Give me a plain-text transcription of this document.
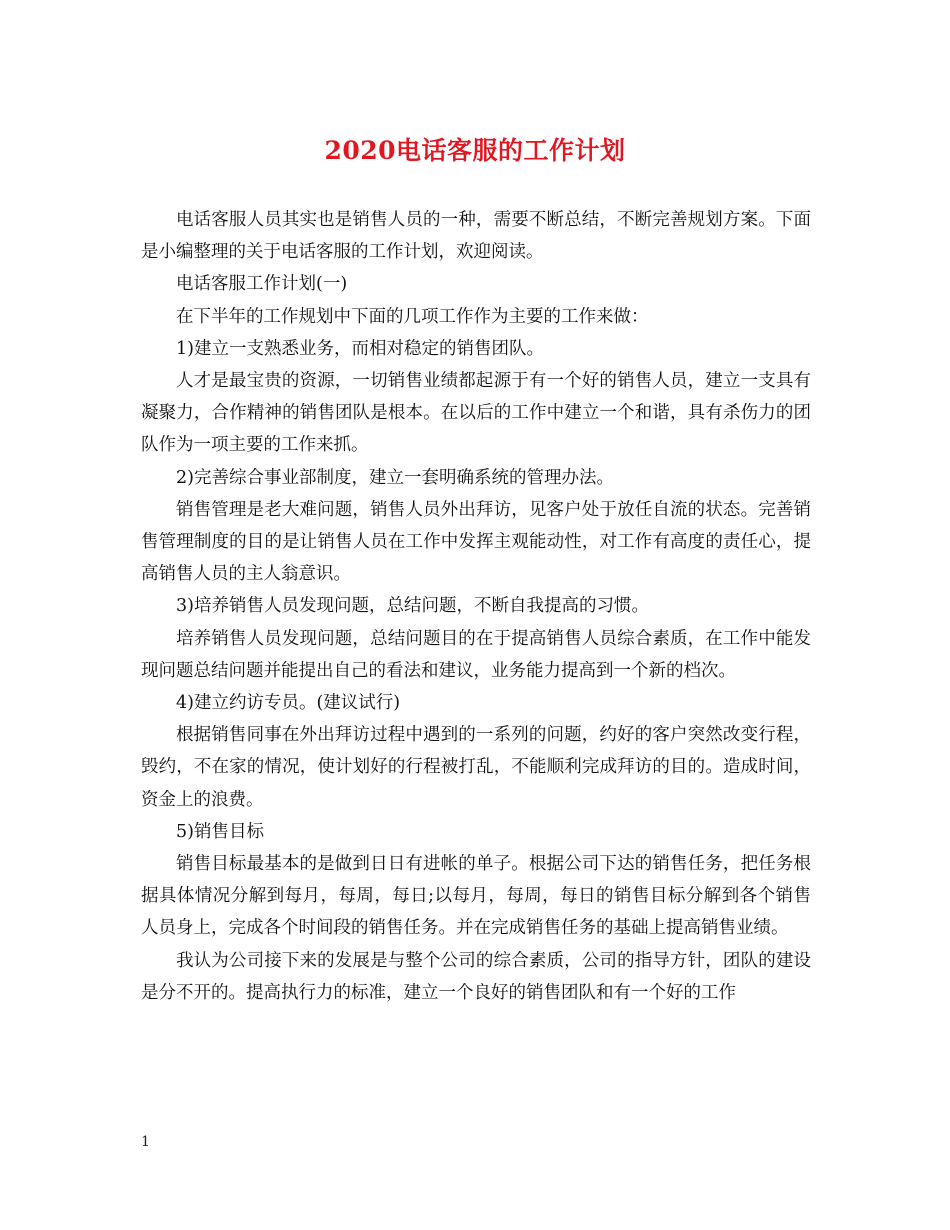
2020电话客服的工作计划

电话客服人员其实也是销售人员的一种，需要不断总结，不断完善规划方案。下面是小编整理的关于电话客服的工作计划，欢迎阅读。

电话客服工作计划(一)

在下半年的工作规划中下面的几项工作作为主要的工作来做：

1)建立一支熟悉业务，而相对稳定的销售团队。

人才是最宝贵的资源，一切销售业绩都起源于有一个好的销售人员，建立一支具有凝聚力，合作精神的销售团队是根本。在以后的工作中建立一个和谐，具有杀伤力的团队作为一项主要的工作来抓。

2)完善综合事业部制度，建立一套明确系统的管理办法。

销售管理是老大难问题，销售人员外出拜访，见客户处于放任自流的状态。完善销售管理制度的目的是让销售人员在工作中发挥主观能动性，对工作有高度的责任心，提高销售人员的主人翁意识。

3)培养销售人员发现问题，总结问题，不断自我提高的习惯。

培养销售人员发现问题，总结问题目的在于提高销售人员综合素质，在工作中能发现问题总结问题并能提出自己的看法和建议，业务能力提高到一个新的档次。

4)建立约访专员。(建议试行)

根据销售同事在外出拜访过程中遇到的一系列的问题，约好的客户突然改变行程，毁约，不在家的情况，使计划好的行程被打乱，不能顺利完成拜访的目的。造成时间，资金上的浪费。

5)销售目标

销售目标最基本的是做到日日有进帐的单子。根据公司下达的销售任务，把任务根据具体情况分解到每月，每周，每日;以每月，每周，每日的销售目标分解到各个销售人员身上，完成各个时间段的销售任务。并在完成销售任务的基础上提高销售业绩。

我认为公司接下来的发展是与整个公司的综合素质，公司的指导方针，团队的建设是分不开的。提高执行力的标准，建立一个良好的销售团队和有一个好的工作

1
